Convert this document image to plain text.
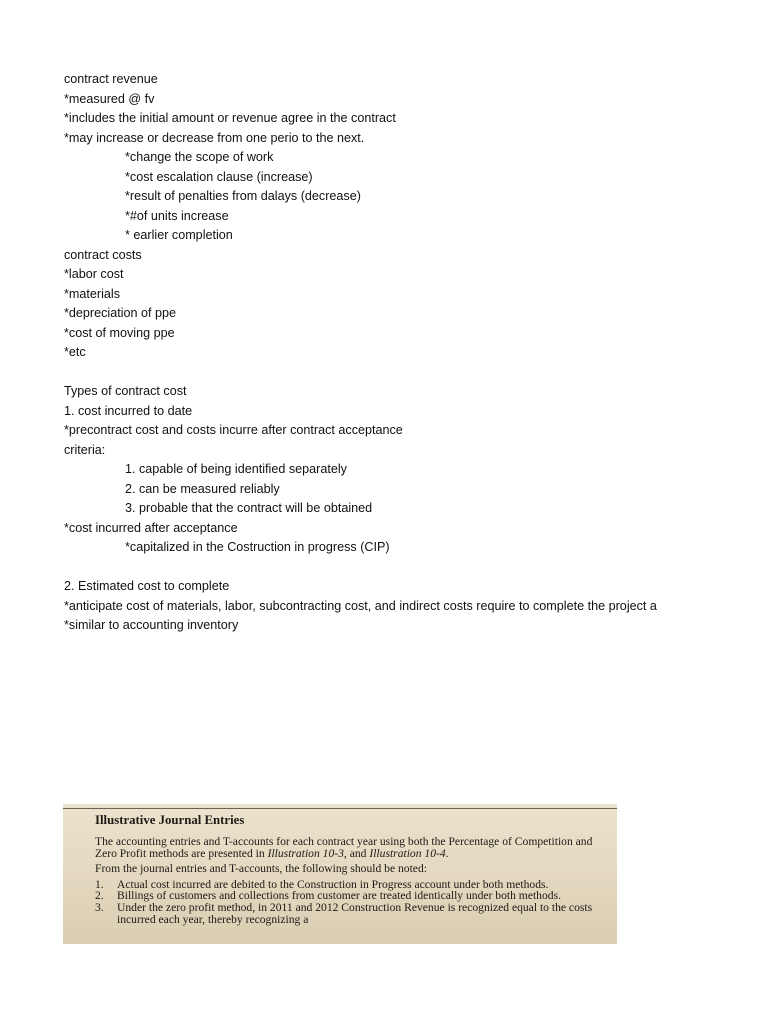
contract revenue
*measured @ fv
*includes the initial amount or revenue agree in the contract
*may increase or decrease from one perio to the next.
*change the scope of work
*cost escalation clause (increase)
*result of penalties from dalays (decrease)
*#of units increase
* earlier completion
contract costs
*labor cost
*materials
*depreciation of ppe
*cost of moving ppe
*etc
Types of contract cost
1. cost incurred to date
*precontract cost and costs incurre after contract acceptance
criteria:
1. capable of being identified separately
2. can be measured reliably
3. probable that the contract will be obtained
*cost incurred after acceptance
*capitalized in the Costruction in progress (CIP)
2. Estimated cost to complete
*anticipate cost of materials, labor, subcontracting cost, and indirect costs require to complete the project a
*similar to accounting inventory
Illustrative Journal Entries
The accounting entries and T-accounts for each contract year using both the Percentage of Competition and Zero Profit methods are presented in Illustration 10-3, and Illustration 10-4.
From the journal entries and T-accounts, the following should be noted:
1. Actual cost incurred are debited to the Construction in Progress account under both methods.
2. Billings of customers and collections from customer are treated identically under both methods.
3. Under the zero profit method, in 2011 and 2012 Construction Revenue is recognized equal to the costs incurred each year, thereby recognizing a
